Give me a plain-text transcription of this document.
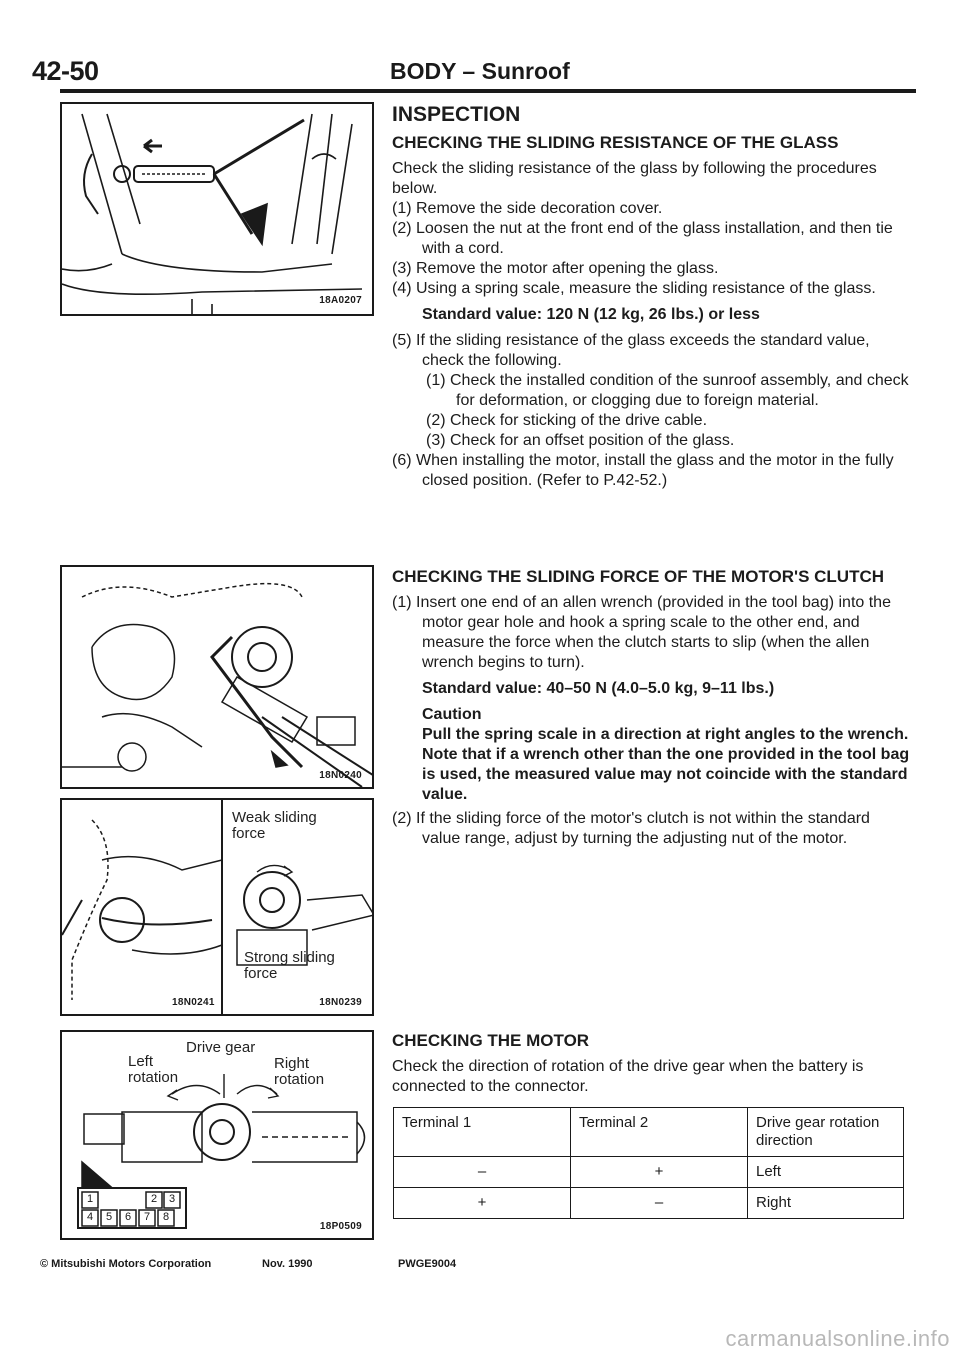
42-50	BODY – Sunroof
18A0207
18N0240
Weak sliding force
Strong sliding force
18N0241	18N0239
Left rotation
Drive gear
Right rotation
1	2 3
4 5 6 7 8
18P0509

INSPECTION

CHECKING THE SLIDING RESISTANCE OF THE GLASS

Check the sliding resistance of the glass by following the procedures below.

(1) Remove the side decoration cover.

(2) Loosen the nut at the front end of the glass installation, and then tie with a cord.

(3) Remove the motor after opening the glass.

(4) Using a spring scale, measure the sliding resistance of the glass.

Standard value: 120 N (12 kg, 26 lbs.) or less

(5) If the sliding resistance of the glass exceeds the standard value, check the following.

(1) Check the installed condition of the sunroof assembly, and check for deformation, or clogging due to foreign material.

(2) Check for sticking of the drive cable.

(3) Check for an offset position of the glass.

(6) When installing the motor, install the glass and the motor in the fully closed position. (Refer to P.42-52.)

CHECKING THE SLIDING FORCE OF THE MOTOR'S CLUTCH

(1) Insert one end of an allen wrench (provided in the tool bag) into the motor gear hole and hook a spring scale to the other end, and measure the force when the clutch starts to slip (when the allen wrench begins to turn).

Standard value: 40–50 N (4.0–5.0 kg, 9–11 lbs.)

Caution

Pull the spring scale in a direction at right angles to the wrench. Note that if a wrench other than the one provided in the tool bag is used, the measured value may not coincide with the standard value.

(2) If the sliding force of the motor's clutch is not within the standard value range, adjust by turning the adjusting nut of the motor.

CHECKING THE MOTOR

Check the direction of rotation of the drive gear when the battery is connected to the connector.

Terminal 1	Terminal 2	Drive gear rotation direction
–	+	Left
+	–	Right
© Mitsubishi Motors Corporation	Nov. 1990	PWGE9004
carmanualsonline.info
